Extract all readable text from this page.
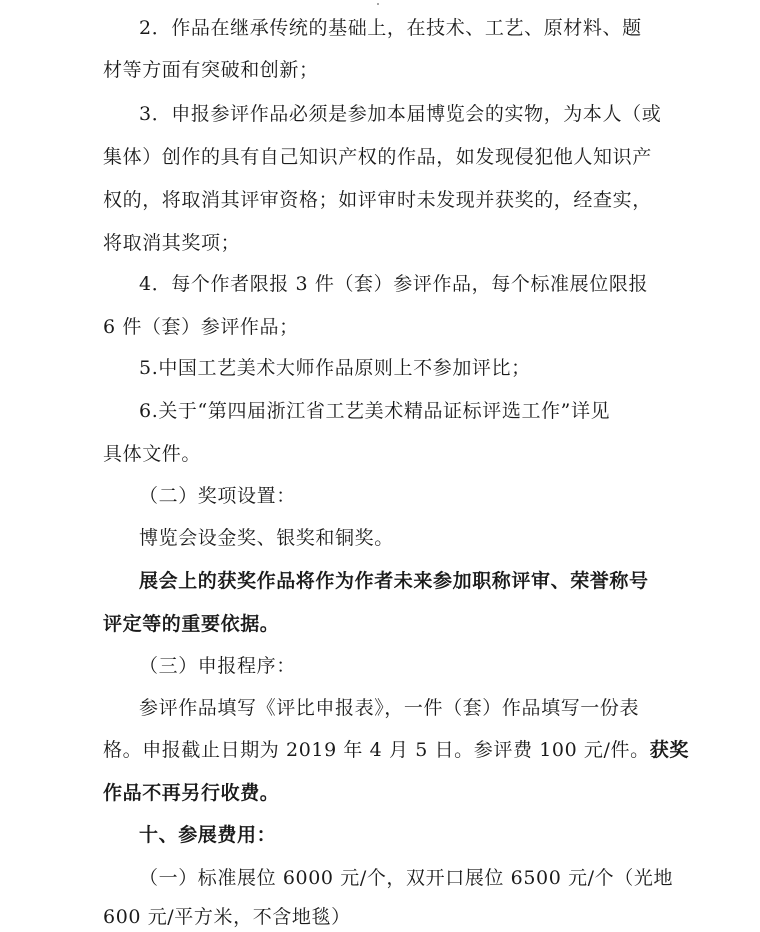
2．作品在继承传统的基础上，在技术、工艺、原材料、题
材等方面有突破和创新；
3．申报参评作品必须是参加本届博览会的实物，为本人（或
集体）创作的具有自己知识产权的作品，如发现侵犯他人知识产
权的，将取消其评审资格；如评审时未发现并获奖的，经查实，
将取消其奖项；
4．每个作者限报 3 件（套）参评作品，每个标准展位限报
6 件（套）参评作品；
5.中国工艺美术大师作品原则上不参加评比；
6.关于“第四届浙江省工艺美术精品证标评选工作”详见
具体文件。
（二）奖项设置：
博览会设金奖、银奖和铜奖。
展会上的获奖作品将作为作者未来参加职称评审、荣誉称号
评定等的重要依据。
（三）申报程序：
参评作品填写《评比申报表》，一件（套）作品填写一份表
格。申报截止日期为 2019 年 4 月 5 日。参评费 100 元/件。获奖
作品不再另行收费。
十、参展费用：
（一）标准展位 6000 元/个，双开口展位 6500 元/个（光地
600 元/平方米，不含地毯）
